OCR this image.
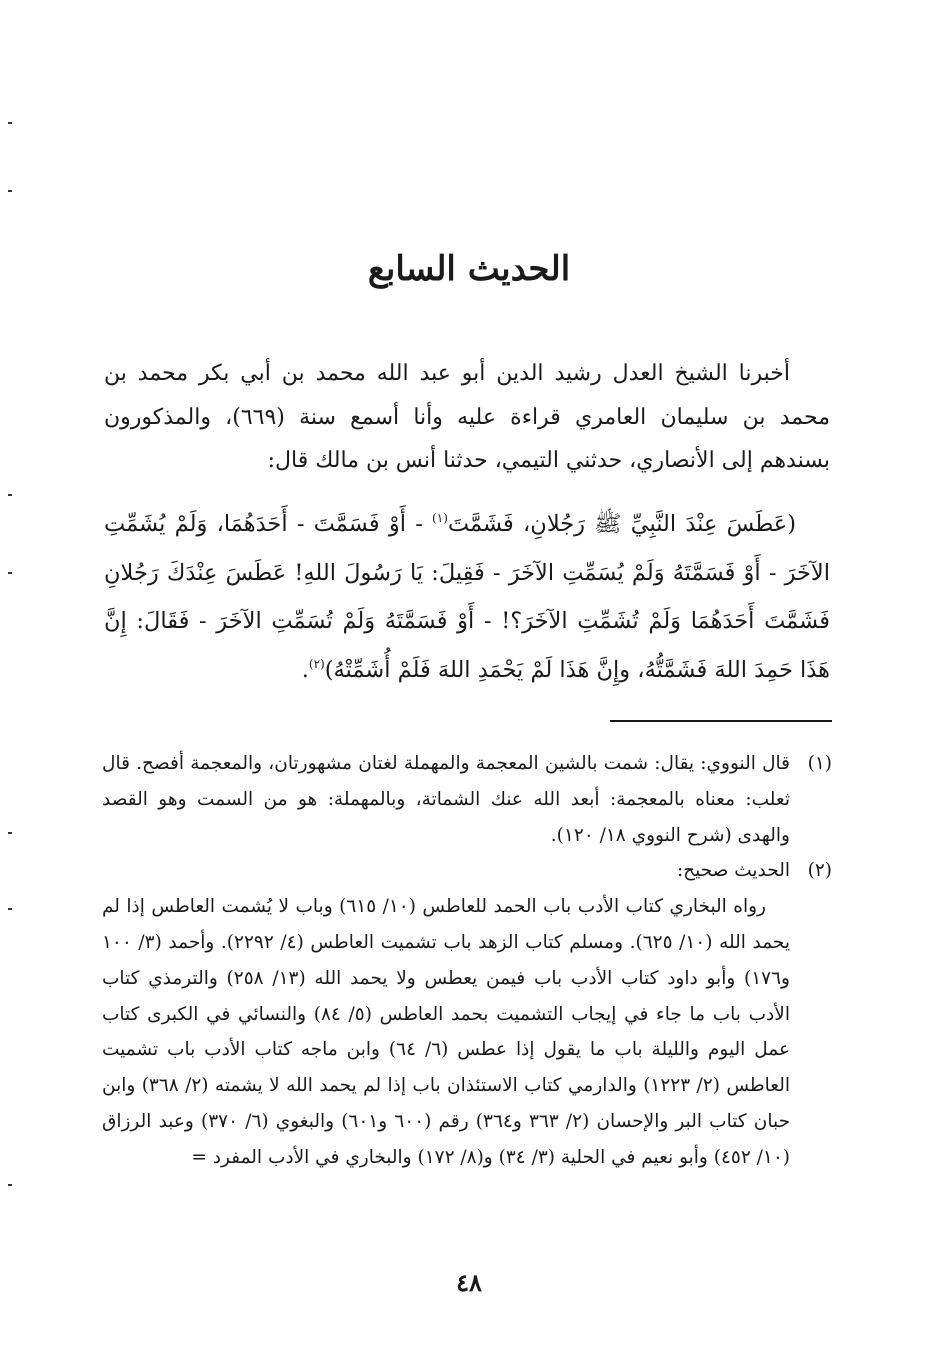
الحديث السابع

أخبرنا الشيخ العدل رشيد الدين أبو عبد الله محمد بن أبي بكر محمد بن محمد بن سليمان العامري قراءة عليه وأنا أسمع سنة (٦٦٩)، والمذكورون بسندهم إلى الأنصاري، حدثني التيمي، حدثنا أنس بن مالك قال:

(عَطَسَ عِنْدَ النَّبِيِّ ﷺ رَجُلانِ، فَشَمَّتَ$^{(١)}$ - أَوْ فَسَمَّتَ - أَحَدَهُمَا، وَلَمْ يُشَمِّتِ الآخَرَ - أَوْ فَسَمَّتَهُ وَلَمْ يُسَمِّتِ الآخَرَ - فَقِيلَ: يَا رَسُولَ اللهِ! عَطَسَ عِنْدَكَ رَجُلانِ فَشَمَّتَ أَحَدَهُمَا وَلَمْ تُشَمِّتِ الآخَرَ؟! - أَوْ فَسَمَّتَهُ وَلَمْ تُسَمِّتِ الآخَرَ - فَقَالَ: إِنَّ هَذَا حَمِدَ اللهَ فَشَمَّتُّهُ، وإِنَّ هَذَا لَمْ يَحْمَدِ اللهَ فَلَمْ أُشَمِّتْهُ)$^{(٢)}$.

(١)
قال النووي: يقال: شمت بالشين المعجمة والمهملة لغتان مشهورتان، والمعجمة أفصح. قال ثعلب: معناه بالمعجمة: أبعد الله عنك الشماتة، وبالمهملة: هو من السمت وهو القصد والهدى (شرح النووي ١٨/ ١٢٠).
(٢)

الحديث صحيح:

رواه البخاري كتاب الأدب باب الحمد للعاطس (١٠/ ٦١٥) وباب لا يُشمت العاطس إذا لم يحمد الله (١٠/ ٦٢٥). ومسلم كتاب الزهد باب تشميت العاطس (٤/ ٢٢٩٢). وأحمد (٣/ ١٠٠ و١٧٦) وأبو داود كتاب الأدب باب فيمن يعطس ولا يحمد الله (١٣/ ٢٥٨) والترمذي كتاب الأدب باب ما جاء في إيجاب التشميت بحمد العاطس (٥/ ٨٤) والنسائي في الكبرى كتاب عمل اليوم والليلة باب ما يقول إذا عطس (٦/ ٦٤) وابن ماجه كتاب الأدب باب تشميت العاطس (٢/ ١٢٢٣) والدارمي كتاب الاستئذان باب إذا لم يحمد الله لا يشمته (٢/ ٣٦٨) وابن حبان كتاب البر والإحسان (٢/ ٣٦٣ و٣٦٤) رقم (٦٠٠ و٦٠١) والبغوي (٦/ ٣٧٠) وعبد الرزاق (١٠/ ٤٥٢) وأبو نعيم في الحلية (٣/ ٣٤) و(٨/ ١٧٢) والبخاري في الأدب المفرد =

٤٨
